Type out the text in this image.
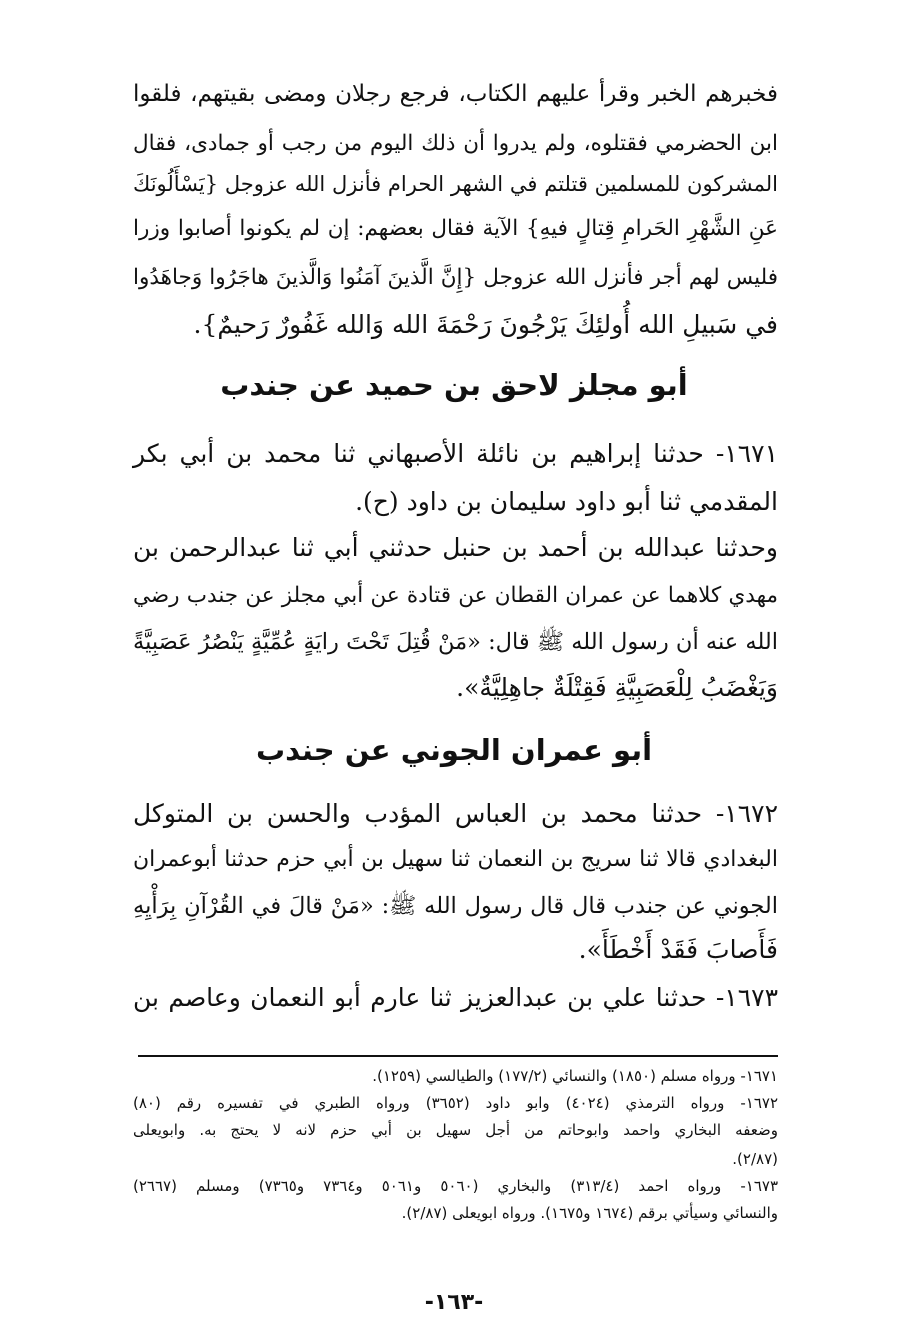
فخبرهم الخبر وقرأ عليهم الكتاب، فرجع رجلان ومضى بقيتهم، فلقوا
ابن الحضرمي فقتلوه، ولم يدروا أن ذلك اليوم من رجب أو جمادى، فقال
المشركون للمسلمين قتلتم في الشهر الحرام فأنزل الله عزوجل {يَسْأَلُونَكَ
عَنِ الشَّهْرِ الحَرامِ قِتالٍ فيهِ} الآية فقال بعضهم: إن لم يكونوا أصابوا وزرا
فليس لهم أجر فأنزل الله عزوجل {إِنَّ الَّذينَ آمَنُوا وَالَّذينَ هاجَرُوا وَجاهَدُوا
في سَبيلِ الله أُولئِكَ يَرْجُونَ رَحْمَةَ الله وَالله غَفُورٌ رَحيمٌ}.
أبو مجلز لاحق بن حميد عن جندب
١٦٧١- حدثنا إبراهيم بن نائلة الأصبهاني ثنا محمد بن أبي بكر
المقدمي ثنا أبو داود سليمان بن داود (ح).
وحدثنا عبدالله بن أحمد بن حنبل حدثني أبي ثنا عبدالرحمن بن
مهدي كلاهما عن عمران القطان عن قتادة عن أبي مجلز عن جندب رضي
الله عنه أن رسول الله ﷺ قال: «مَنْ قُتِلَ تَحْتَ رايَةٍ عُمِّيَّةٍ يَنْصُرُ عَصَبِيَّةً
وَيَغْضَبُ لِلْعَصَبِيَّةِ فَقِتْلَةٌ جاهِلِيَّةٌ».
أبو عمران الجوني عن جندب
١٦٧٢- حدثنا محمد بن العباس المؤدب والحسن بن المتوكل
البغدادي قالا ثنا سريج بن النعمان ثنا سهيل بن أبي حزم حدثنا أبوعمران
الجوني عن جندب قال قال رسول الله ﷺ: «مَنْ قالَ في القُرْآنِ بِرَأْيِهِ
فَأَصابَ فَقَدْ أَخْطَأَ».
١٦٧٣- حدثنا علي بن عبدالعزيز ثنا عارم أبو النعمان وعاصم بن
١٦٧١- ورواه مسلم (١٨٥٠) والنسائي (١٧٧/٢) والطيالسي (١٢٥٩).
١٦٧٢- ورواه الترمذي (٤٠٢٤) وابو داود (٣٦٥٢) ورواه الطبري في تفسيره رقم (٨٠)
وضعفه البخاري واحمد وابوحاتم من أجل سهيل بن أبي حزم لانه لا يحتج به. وابويعلى
(٢/٨٧).
١٦٧٣- ورواه احمد (٣١٣/٤) والبخاري (٥٠٦٠ و٥٠٦١ و٧٣٦٤ و٧٣٦٥) ومسلم (٢٦٦٧)
والنسائي وسيأتي برقم (١٦٧٤ و١٦٧٥). ورواه ابويعلى (٢/٨٧).
-١٦٣-
